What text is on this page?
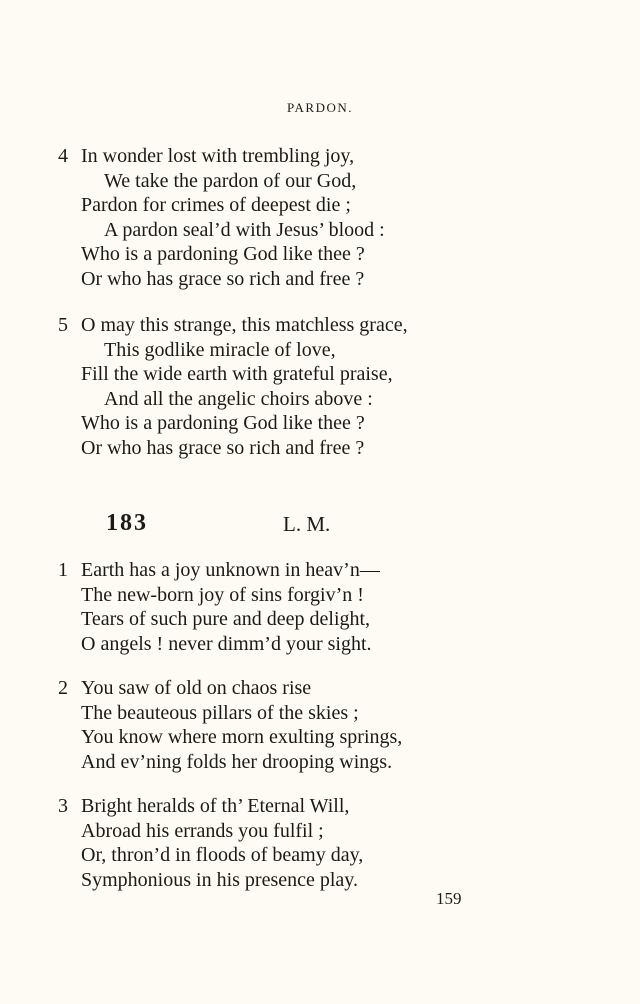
PARDON.
4 In wonder lost with trembling joy,
We take the pardon of our God,
Pardon for crimes of deepest die ;
A pardon seal’d with Jesus’ blood :
Who is a pardoning God like thee ?
Or who has grace so rich and free ?
5 O may this strange, this matchless grace,
This godlike miracle of love,
Fill the wide earth with grateful praise,
And all the angelic choirs above :
Who is a pardoning God like thee ?
Or who has grace so rich and free ?
183	L. M.
1 Earth has a joy unknown in heav’n—
The new-born joy of sins forgiv’n !
Tears of such pure and deep delight,
O angels ! never dimm’d your sight.
2 You saw of old on chaos rise
The beauteous pillars of the skies ;
You know where morn exulting springs,
And ev’ning folds her drooping wings.
3 Bright heralds of th’ Eternal Will,
Abroad his errands you fulfil ;
Or, thron’d in floods of beamy day,
Symphonious in his presence play.
159
